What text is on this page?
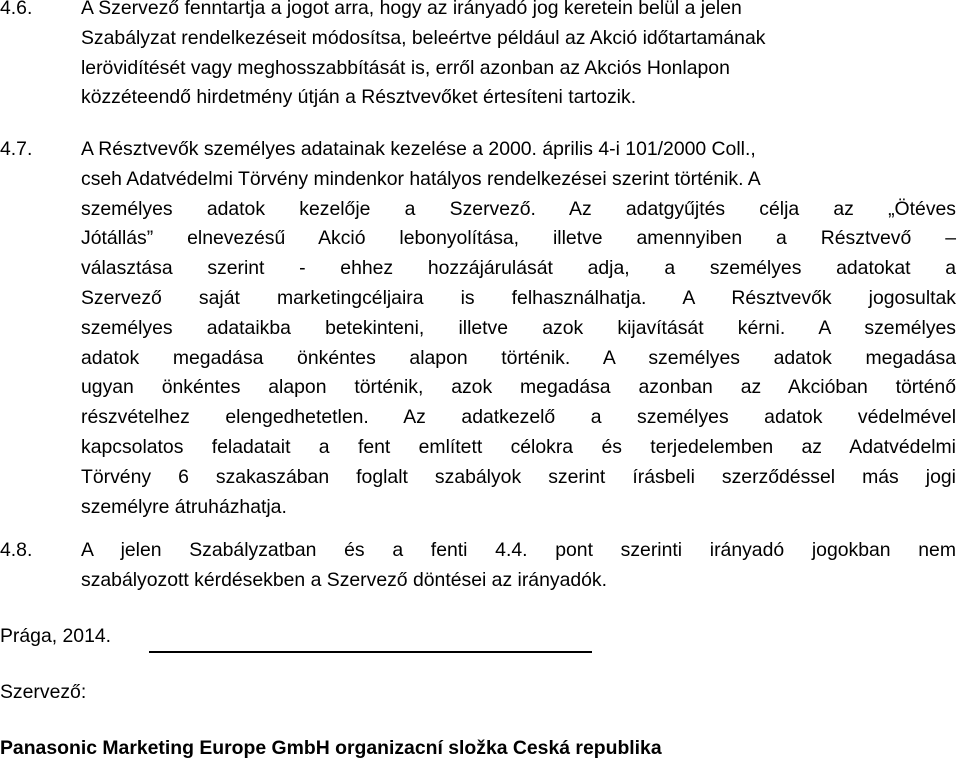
4.6.	A Szervező fenntartja a jogot arra, hogy az irányadó jog keretein belül a jelen
Szabályzat rendelkezéseit módosítsa, beleértve például az Akció időtartamának
lerövidítését vagy meghosszabbítását is, erről azonban az Akciós Honlapon
közzéteendő hirdetmény útján a Résztvevőket értesíteni tartozik.
4.7.	A Résztvevők személyes adatainak kezelése a 2000. április 4-i 101/2000 Coll.,
cseh Adatvédelmi Törvény mindenkor hatályos rendelkezései szerint történik. A
személyes adatok kezelője a Szervező. Az adatgyűjtés célja az „Ötéves
Jótállás” elnevezésű Akció lebonyolítása, illetve amennyiben a Résztvevő –
választása szerint - ehhez hozzájárulását adja, a személyes adatokat a
Szervező saját marketingcéljaira is felhasználhatja. A Résztvevők jogosultak
személyes adataikba betekinteni, illetve azok kijavítását kérni. A személyes
adatok megadása önkéntes alapon történik. A személyes adatok megadása
ugyan önkéntes alapon történik, azok megadása azonban az Akcióban történő
részvételhez elengedhetetlen. Az adatkezelő a személyes adatok védelmével
kapcsolatos feladatait a fent említett célokra és terjedelemben az Adatvédelmi
Törvény 6 szakaszában foglalt szabályok szerint írásbeli szerződéssel más jogi
személyre átruházhatja.
4.8.	A jelen Szabályzatban és a fenti 4.4. pont szerinti irányadó jogokban nem
szabályozott kérdésekben a Szervező döntései az irányadók.
Prága, 2014.
Szervező:
Panasonic Marketing Europe GmbH organizacní složka Ceská republika
